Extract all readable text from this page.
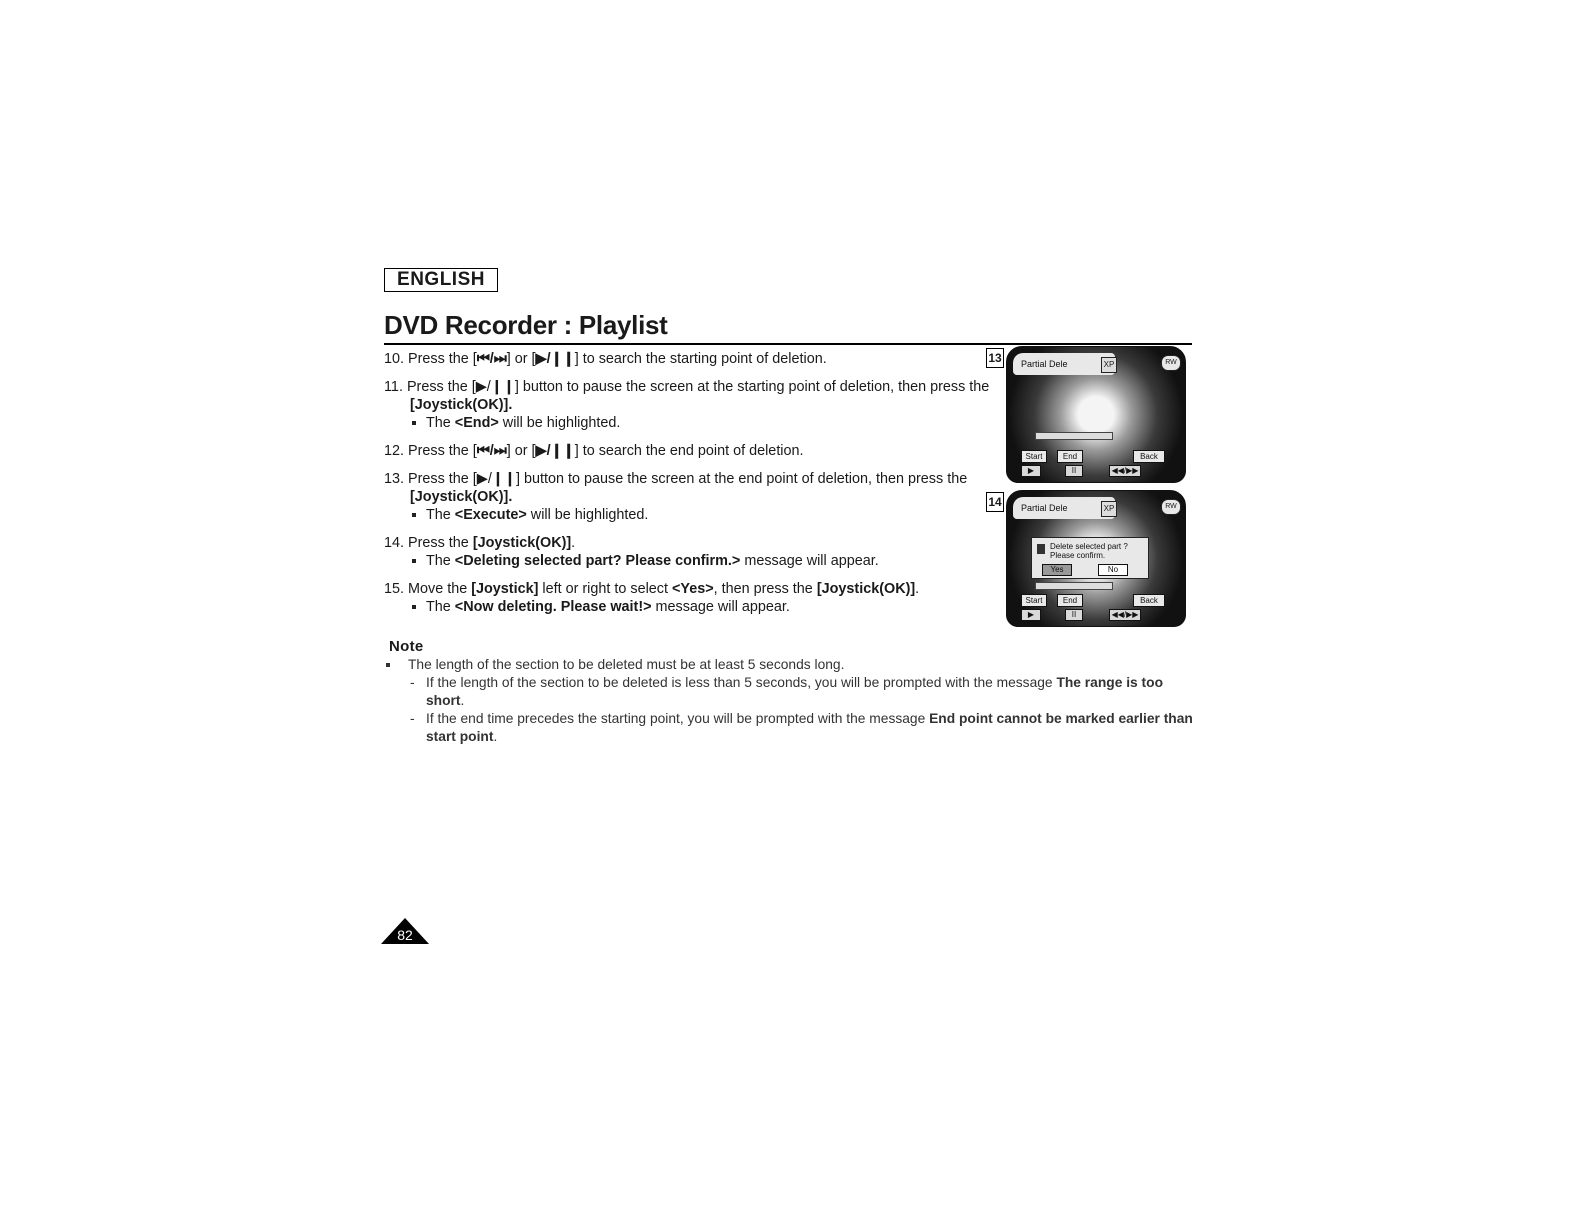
ENGLISH
DVD Recorder : Playlist
10. Press the [⏮/⏭] or [▶/❙❙] to search the starting point of deletion.
11. Press the [▶/❙❙] button to pause the screen at the starting point of deletion, then press the
[Joystick(OK)].
The <End> will be highlighted.
12. Press the [⏮/⏭] or [▶/❙❙] to search the end point of deletion.
13. Press the [▶/❙❙] button to pause the screen at the end point of deletion, then press the
[Joystick(OK)].
The <Execute> will be highlighted.
14. Press the [Joystick(OK)].
The <Deleting selected part? Please confirm.> message will appear.
15. Move the [Joystick] left or right to select <Yes>, then press the [Joystick(OK)].
The <Now deleting. Please wait!> message will appear.
13	Partial Dele	XP	RW
Start	End	Back
▶	II	◀◀/▶▶
14	Partial Dele	XP	RW
Delete selected part ?
Please confirm.
Yes	No
Start	End	Back
▶	II	◀◀/▶▶
Note
The length of the section to be deleted must be at least 5 seconds long.
- If the length of the section to be deleted is less than 5 seconds, you will be prompted with the message The range is too short.
- If the end time precedes the starting point, you will be prompted with the message End point cannot be marked earlier than start point.
82
